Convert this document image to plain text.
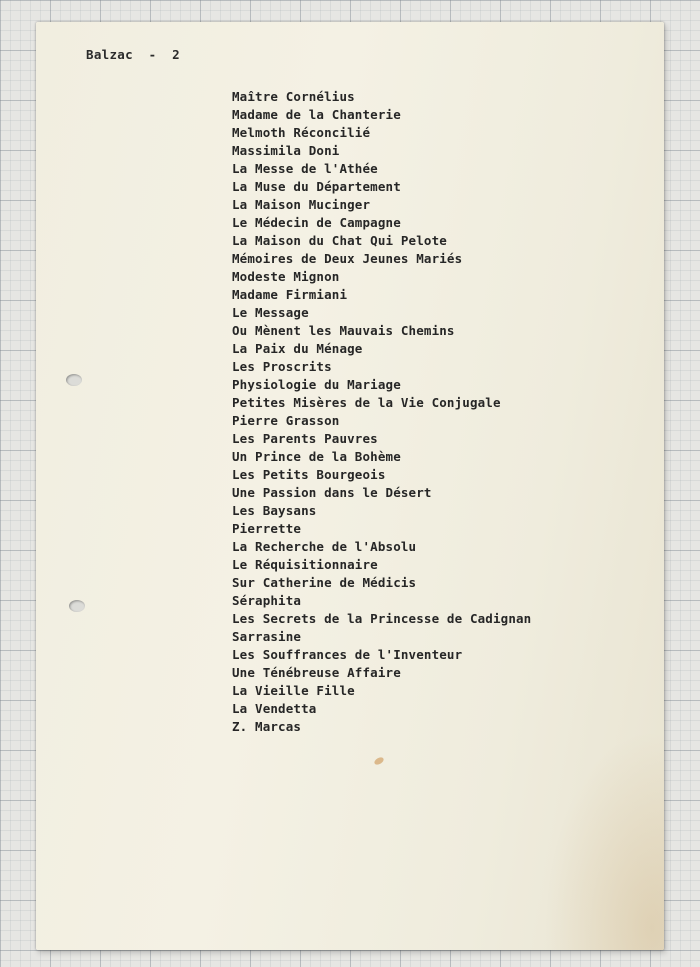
Balzac  -  2
Maître Cornélius
Madame de la Chanterie
Melmoth Réconcilié
Massimila Doni
La Messe de l'Athée
La Muse du Département
La Maison Mucinger
Le Médecin de Campagne
La Maison du Chat Qui Pelote
Mémoires de Deux Jeunes Mariés
Modeste Mignon
Madame Firmiani
Le Message
Ou Mènent les Mauvais Chemins
La Paix du Ménage
Les Proscrits
Physiologie du Mariage
Petites Misères de la Vie Conjugale
Pierre Grasson
Les Parents Pauvres
Un Prince de la Bohème
Les Petits Bourgeois
Une Passion dans le Désert
Les Baysans
Pierrette
La Recherche de l'Absolu
Le Réquisitionnaire
Sur Catherine de Médicis
Séraphita
Les Secrets de la Princesse de Cadignan
Sarrasine
Les Souffrances de l'Inventeur
Une Ténébreuse Affaire
La Vieille Fille
La Vendetta
Z. Marcas
